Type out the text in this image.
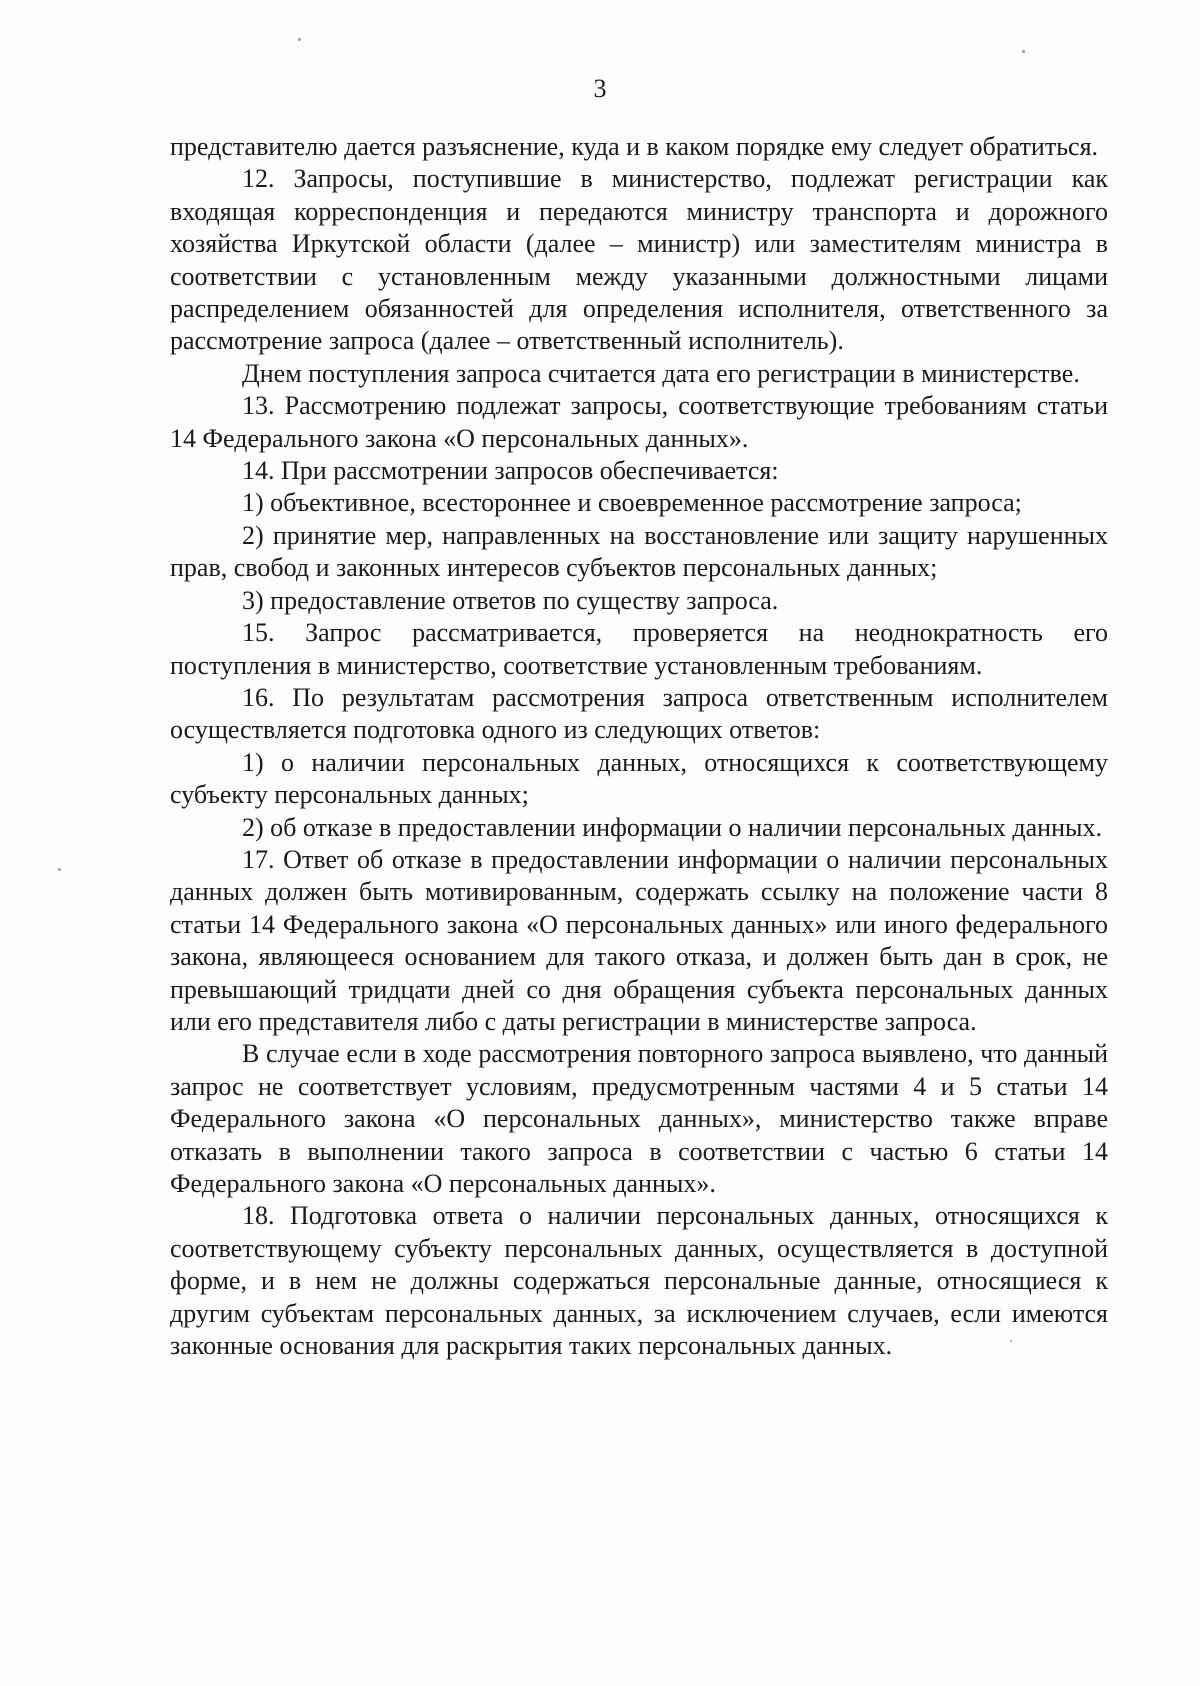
3

представителю дается разъяснение, куда и в каком порядке ему следует обратиться.

12. Запросы, поступившие в министерство, подлежат регистрации как входящая корреспонденция и передаются министру транспорта и дорожного хозяйства Иркутской области (далее – министр) или заместителям министра в соответствии с установленным между указанными должностными лицами распределением обязанностей для определения исполнителя, ответственного за рассмотрение запроса (далее – ответственный исполнитель).

Днем поступления запроса считается дата его регистрации в министерстве.

13. Рассмотрению подлежат запросы, соответствующие требованиям статьи 14 Федерального закона «О персональных данных».

14. При рассмотрении запросов обеспечивается:

1) объективное, всестороннее и своевременное рассмотрение запроса;

2) принятие мер, направленных на восстановление или защиту нарушенных прав, свобод и законных интересов субъектов персональных данных;

3) предоставление ответов по существу запроса.

15. Запрос рассматривается, проверяется на неоднократность его поступления в министерство, соответствие установленным требованиям.

16. По результатам рассмотрения запроса ответственным исполнителем осуществляется подготовка одного из следующих ответов:

1) о наличии персональных данных, относящихся к соответствующему субъекту персональных данных;

2) об отказе в предоставлении информации о наличии персональных данных.

17. Ответ об отказе в предоставлении информации о наличии персональных данных должен быть мотивированным, содержать ссылку на положение части 8 статьи 14 Федерального закона «О персональных данных» или иного федерального закона, являющееся основанием для такого отказа, и должен быть дан в срок, не превышающий тридцати дней со дня обращения субъекта персональных данных или его представителя либо с даты регистрации в министерстве запроса.

В случае если в ходе рассмотрения повторного запроса выявлено, что данный запрос не соответствует условиям, предусмотренным частями 4 и 5 статьи 14 Федерального закона «О персональных данных», министерство также вправе отказать в выполнении такого запроса в соответствии с частью 6 статьи 14 Федерального закона «О персональных данных».

18. Подготовка ответа о наличии персональных данных, относящихся к соответствующему субъекту персональных данных, осуществляется в доступной форме, и в нем не должны содержаться персональные данные, относящиеся к другим субъектам персональных данных, за исключением случаев, если имеются законные основания для раскрытия таких персональных данных.
